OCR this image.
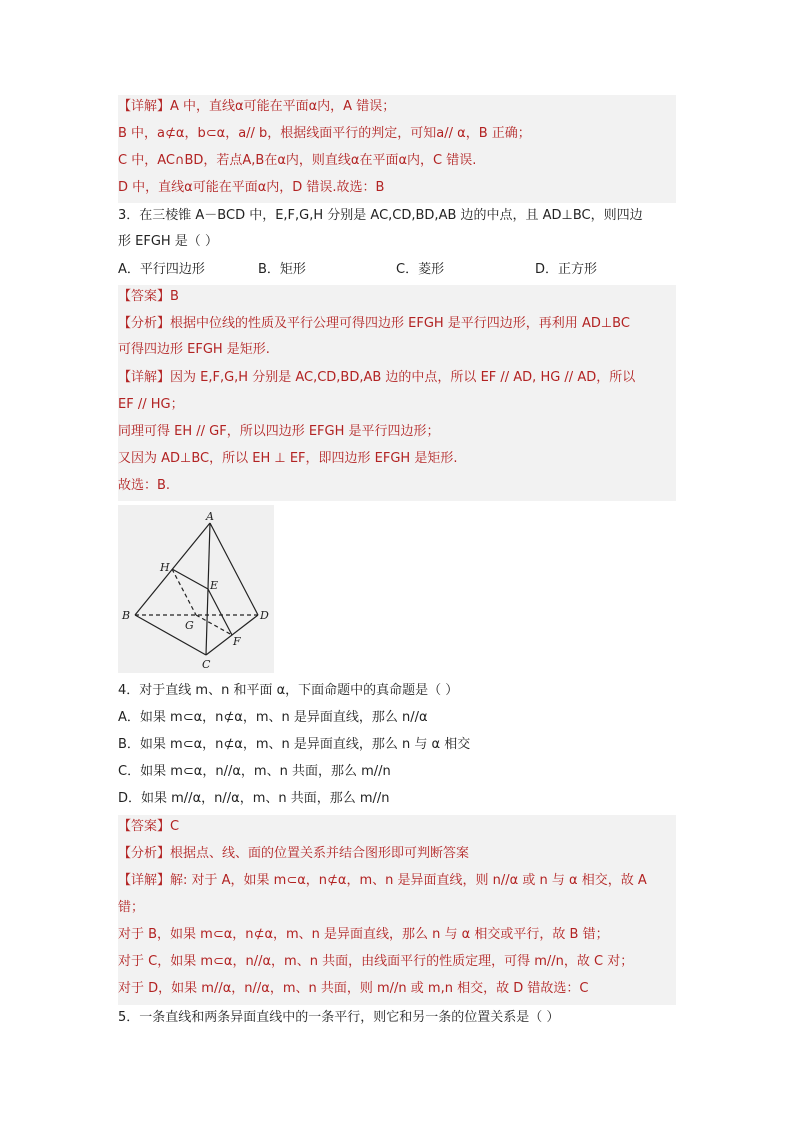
【详解】A 中，直线α可能在平面α内，A 错误；
B 中，a⊄α，b⊂α，a// b，根据线面平行的判定，可知a// α，B 正确；
C 中，AC∩BD，若点A,B在α内，则直线α在平面α内，C 错误.
D 中，直线α可能在平面α内，D 错误.故选：B
3．在三棱锥 A－BCD 中，E,F,G,H 分别是 AC,CD,BD,AB 边的中点，且 AD⊥BC，则四边
形 EFGH 是（ ）
A．平行四边形	B．矩形	C．菱形	D．正方形
【答案】B
【分析】根据中位线的性质及平行公理可得四边形 EFGH 是平行四边形，再利用 AD⊥BC
可得四边形 EFGH 是矩形.
【详解】因为 E,F,G,H 分别是 AC,CD,BD,AB 边的中点，所以 EF // AD, HG // AD，所以
EF // HG；
同理可得 EH // GF，所以四边形 EFGH 是平行四边形；
又因为 AD⊥BC，所以 EH ⊥ EF，即四边形 EFGH 是矩形.
故选：B.
A
B
C
D
E
F
G
H
4．对于直线 m、n 和平面 α，下面命题中的真命题是（ ）
A．如果 m⊂α，n⊄α，m、n 是异面直线，那么 n//α
B．如果 m⊂α，n⊄α，m、n 是异面直线，那么 n 与 α 相交
C．如果 m⊂α，n//α，m、n 共面，那么 m//n
D．如果 m//α，n//α，m、n 共面，那么 m//n
【答案】C
【分析】根据点、线、面的位置关系并结合图形即可判断答案
【详解】解: 对于 A，如果 m⊂α，n⊄α，m、n 是异面直线，则 n//α 或 n 与 α 相交，故 A
错；
对于 B，如果 m⊂α，n⊄α，m、n 是异面直线，那么 n 与 α 相交或平行，故 B 错；
对于 C，如果 m⊂α，n//α，m、n 共面，由线面平行的性质定理，可得 m//n，故 C 对；
对于 D，如果 m//α，n//α，m、n 共面，则 m//n 或 m,n 相交，故 D 错故选：C
5．一条直线和两条异面直线中的一条平行，则它和另一条的位置关系是（ ）
